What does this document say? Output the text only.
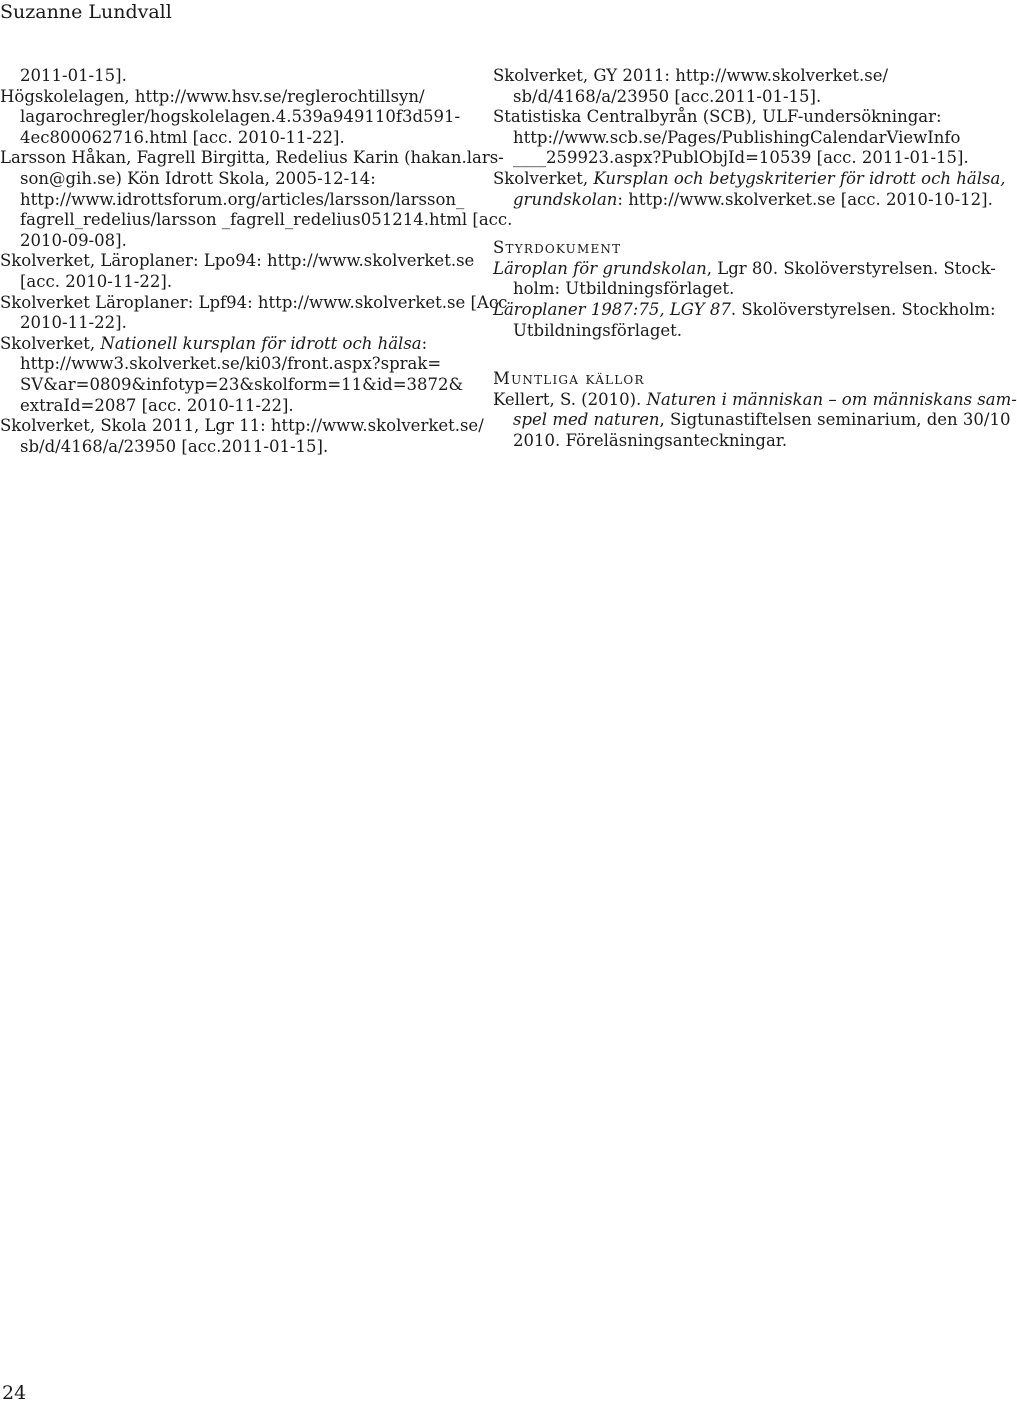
Suzanne Lundvall
2011-01-15].
Högskolelagen, http://www.hsv.se/reglerochtillsyn/
lagarochregler/hogskolelagen.4.539a949110f3d591-
4ec800062716.html [acc. 2010-11-22].
Larsson Håkan, Fagrell Birgitta, Redelius Karin (hakan.lars-
son@gih.se) Kön Idrott Skola, 2005-12-14:
http://www.idrottsforum.org/articles/larsson/larsson_
fagrell_redelius/larsson _fagrell_redelius051214.html [acc.
2010-09-08].
Skolverket, Läroplaner: Lpo94: http://www.skolverket.se
[acc. 2010-11-22].
Skolverket Läroplaner: Lpf94: http://www.skolverket.se [Acc
2010-11-22].
Skolverket, Nationell kursplan för idrott och hälsa:
http://www3.skolverket.se/ki03/front.aspx?sprak=
SV&ar=0809&infotyp=23&skolform=11&id=3872&
extraId=2087 [acc. 2010-11-22].
Skolverket, Skola 2011, Lgr 11: http://www.skolverket.se/
sb/d/4168/a/23950 [acc.2011-01-15].
Skolverket, GY 2011: http://www.skolverket.se/
sb/d/4168/a/23950 [acc.2011-01-15].
Statistiska Centralbyrån (SCB), ULF-undersökningar:
http://www.scb.se/Pages/PublishingCalendarViewInfo
____259923.aspx?PublObjId=10539 [acc. 2011-01-15].
Skolverket, Kursplan och betygskriterier för idrott och hälsa,
grundskolan: http://www.skolverket.se [acc. 2010-10-12].
Styrdokument
Läroplan för grundskolan, Lgr 80. Skolöverstyrelsen. Stock-
holm: Utbildningsförlaget.
Läroplaner 1987:75, LGY 87. Skolöverstyrelsen. Stockholm:
Utbildningsförlaget.
Muntliga källor
Kellert, S. (2010). Naturen i människan – om människans sam-
spel med naturen, Sigtunastiftelsen seminarium, den 30/10
2010. Föreläsningsanteckningar.
24
